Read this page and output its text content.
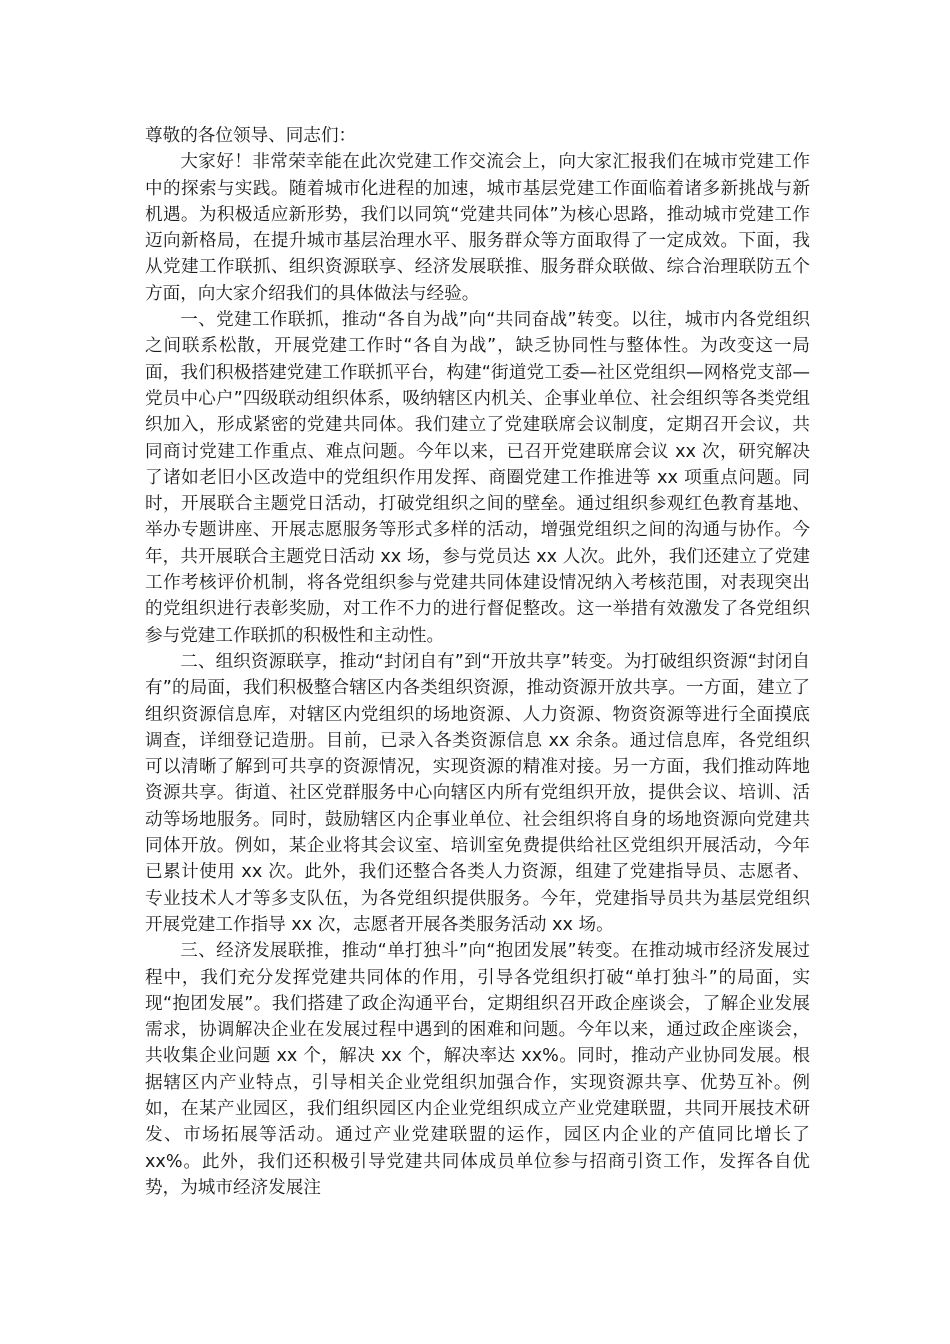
尊敬的各位领导、同志们：

大家好！非常荣幸能在此次党建工作交流会上，向大家汇报我们在城市党建工作中的探索与实践。随着城市化进程的加速，城市基层党建工作面临着诸多新挑战与新机遇。为积极适应新形势，我们以同筑“党建共同体”为核心思路，推动城市党建工作迈向新格局，在提升城市基层治理水平、服务群众等方面取得了一定成效。下面，我从党建工作联抓、组织资源联享、经济发展联推、服务群众联做、综合治理联防五个方面，向大家介绍我们的具体做法与经验。

一、党建工作联抓，推动“各自为战”向“共同奋战”转变。以往，城市内各党组织之间联系松散，开展党建工作时“各自为战”，缺乏协同性与整体性。为改变这一局面，我们积极搭建党建工作联抓平台，构建“街道党工委—社区党组织—网格党支部—党员中心户”四级联动组织体系，吸纳辖区内机关、企事业单位、社会组织等各类党组织加入，形成紧密的党建共同体。我们建立了党建联席会议制度，定期召开会议，共同商讨党建工作重点、难点问题。今年以来，已召开党建联席会议 xx 次，研究解决了诸如老旧小区改造中的党组织作用发挥、商圈党建工作推进等 xx 项重点问题。同时，开展联合主题党日活动，打破党组织之间的壁垒。通过组织参观红色教育基地、举办专题讲座、开展志愿服务等形式多样的活动，增强党组织之间的沟通与协作。今年，共开展联合主题党日活动 xx 场，参与党员达 xx 人次。此外，我们还建立了党建工作考核评价机制，将各党组织参与党建共同体建设情况纳入考核范围，对表现突出的党组织进行表彰奖励，对工作不力的进行督促整改。这一举措有效激发了各党组织参与党建工作联抓的积极性和主动性。

二、组织资源联享，推动“封闭自有”到“开放共享”转变。为打破组织资源“封闭自有”的局面，我们积极整合辖区内各类组织资源，推动资源开放共享。一方面，建立了组织资源信息库，对辖区内党组织的场地资源、人力资源、物资资源等进行全面摸底调查，详细登记造册。目前，已录入各类资源信息 xx 余条。通过信息库，各党组织可以清晰了解到可共享的资源情况，实现资源的精准对接。另一方面，我们推动阵地资源共享。街道、社区党群服务中心向辖区内所有党组织开放，提供会议、培训、活动等场地服务。同时，鼓励辖区内企事业单位、社会组织将自身的场地资源向党建共同体开放。例如，某企业将其会议室、培训室免费提供给社区党组织开展活动，今年已累计使用 xx 次。此外，我们还整合各类人力资源，组建了党建指导员、志愿者、专业技术人才等多支队伍，为各党组织提供服务。今年，党建指导员共为基层党组织开展党建工作指导 xx 次，志愿者开展各类服务活动 xx 场。

三、经济发展联推，推动“单打独斗”向“抱团发展”转变。在推动城市经济发展过程中，我们充分发挥党建共同体的作用，引导各党组织打破“单打独斗”的局面，实现“抱团发展”。我们搭建了政企沟通平台，定期组织召开政企座谈会，了解企业发展需求，协调解决企业在发展过程中遇到的困难和问题。今年以来，通过政企座谈会，共收集企业问题 xx 个，解决 xx 个，解决率达 xx%。同时，推动产业协同发展。根据辖区内产业特点，引导相关企业党组织加强合作，实现资源共享、优势互补。例如，在某产业园区，我们组织园区内企业党组织成立产业党建联盟，共同开展技术研发、市场拓展等活动。通过产业党建联盟的运作，园区内企业的产值同比增长了 xx%。此外，我们还积极引导党建共同体成员单位参与招商引资工作，发挥各自优势，为城市经济发展注
